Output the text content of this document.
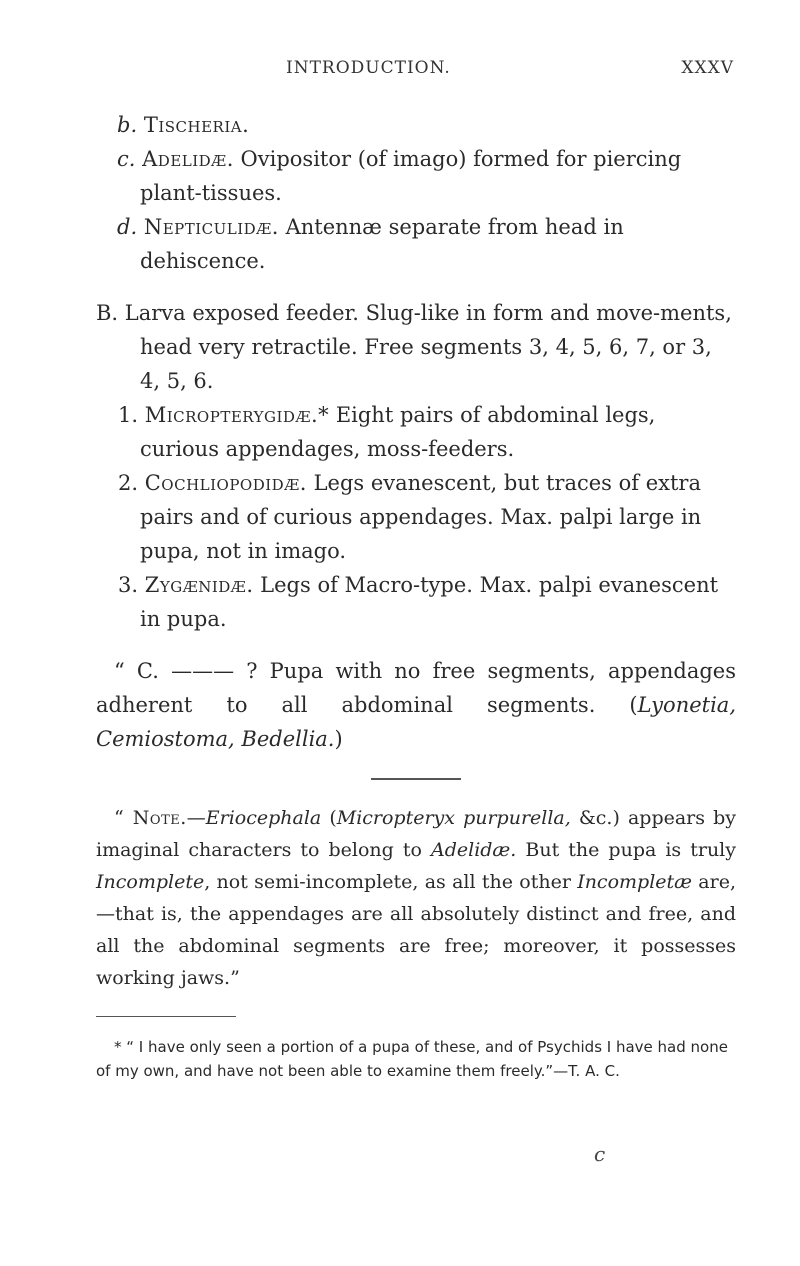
INTRODUCTION.	XXXV

b. Tischeria.

c. Adelidæ. Ovipositor (of imago) formed for piercing plant-tissues.

d. Nepticulidæ. Antennæ separate from head in dehiscence.

B. Larva exposed feeder. Slug-like in form and move-ments, head very retractile. Free segments 3, 4, 5, 6, 7, or 3, 4, 5, 6.

1. Micropterygidæ.* Eight pairs of abdominal legs, curious appendages, moss-feeders.

2. Cochliopodidæ. Legs evanescent, but traces of extra pairs and of curious appendages. Max. palpi large in pupa, not in imago.

3. Zygænidæ. Legs of Macro-type. Max. palpi evanescent in pupa.

“ C. ——— ? Pupa with no free segments, appendages adherent to all abdominal segments. (Lyonetia, Cemiostoma, Bedellia.)

“ Note.—Eriocephala (Micropteryx purpurella, &c.) appears by imaginal characters to belong to Adelidæ. But the pupa is truly Incomplete, not semi-incomplete, as all the other Incompletæ are,—that is, the appendages are all absolutely distinct and free, and all the abdominal segments are free; moreover, it possesses working jaws.”

* “ I have only seen a portion of a pupa of these, and of Psychids I have had none of my own, and have not been able to examine them freely.”—T. A. C.

c
